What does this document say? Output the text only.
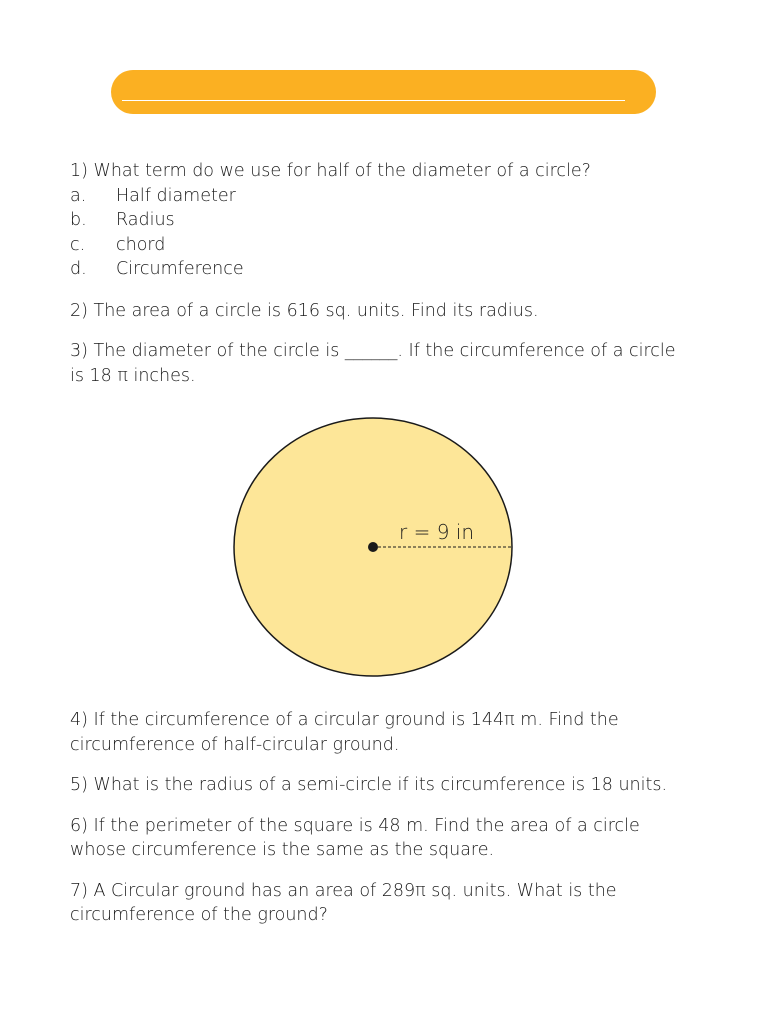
1) What term do we use for half of the diameter of a circle?

a.	Half diameter
b.	Radius
c.	chord
d.	Circumference

2) The area of a circle is 616 sq. units. Find its radius.

3) The diameter of the circle is ______. If the circumference of a circle is 18 π inches.

r = 9 in

4) If the circumference of a circular ground is 144π m. Find the circumference of half-circular ground.

5) What is the radius of a semi-circle if its circumference is 18 units.

6) If the perimeter of the square is 48 m. Find the area of a circle whose circumference is the same as the square.

7) A Circular ground has an area of 289π sq. units. What is the circumference of the ground?
